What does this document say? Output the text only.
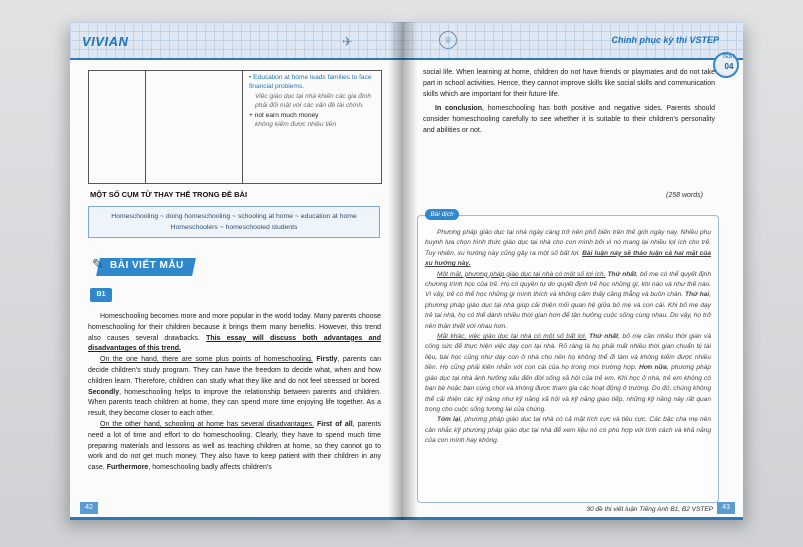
VIVIAN	✈
• Education at home leads families to face financial problems.
Việc giáo dục tại nhà khiến các gia đình phải đối mặt với các vấn đề tài chính.
+ not earn much money
không kiếm được nhiều tiền
MỘT SỐ CỤM TỪ THAY THẾ TRONG ĐỀ BÀI
Homeschooling ~ doing homeschooling ~ schooling at home ~ education at home
Homeschoolers ~ homeschooled students
✎ BÀI VIẾT MẪU
B1

Homeschooling becomes more and more popular in the world today. Many parents choose homeschooling for their children because it brings them many benefits. However, this trend also causes several drawbacks. This essay will discuss both advantages and disadvantages of this trend.

On the one hand, there are some plus points of homeschooling. Firstly, parents can decide children's study program. They can have the freedom to decide what, when and how children learn. Therefore, children can study what they like and do not feel stressed or bored. Secondly, homeschooling helps to improve the relationship between parents and children. When parents teach children at home, they can spend more time enjoying life together. As a result, they become closer to each other.

On the other hand, schooling at home has several disadvantages. First of all, parents need a lot of time and effort to do homeschooling. Clearly, they have to spend much time preparing materials and lessons as well as teaching children at home, so they cannot go to work and do not get much money. They also have to keep patient with their children in any case. Furthermore, homeschooling badly affects children's

42
♕	Chinh phục kỳ thi VSTEP
TEST
04

social life. When learning at home, children do not have friends or playmates and do not take part in school activities. Hence, they cannot improve skills like social skills and communication skills which are important for their future life.

In conclusion, homeschooling has both positive and negative sides. Parents should consider homeschooling carefully to see whether it is suitable to their children's personality and abilities or not.

(258 words)
Bài dịch

Phương pháp giáo dục tại nhà ngày càng trở nên phổ biến trên thế giới ngày nay. Nhiều phụ huynh lựa chọn hình thức giáo dục tại nhà cho con mình bởi vì nó mang lại nhiều lợi ích cho trẻ. Tuy nhiên, xu hướng này cũng gây ra một số bất lợi. Bài luận này sẽ thảo luận cả hai mặt của xu hướng này.

Một mặt, phương pháp giáo dục tại nhà có một số lợi ích. Thứ nhất, bố mẹ có thể quyết định chương trình học của trẻ. Họ có quyền tự do quyết định trẻ học những gì, khi nào và như thế nào. Vì vậy, trẻ có thể học những gì mình thích và không cảm thấy căng thẳng và buồn chán. Thứ hai, phương pháp giáo dục tại nhà giúp cải thiện mối quan hệ giữa bố mẹ và con cái. Khi bố mẹ dạy trẻ tại nhà, họ có thể dành nhiều thời gian hơn để tận hưởng cuộc sống cùng nhau. Do vậy, họ trở nên thân thiết với nhau hơn.

Mặt khác, việc giáo dục tại nhà có một số bất lợi. Thứ nhất, bố mẹ cần nhiều thời gian và công sức để thực hiện việc dạy con tại nhà. Rõ ràng là họ phải mất nhiều thời gian chuẩn bị tài liệu, bài học cũng như dạy con ở nhà cho nên họ không thể đi làm và không kiếm được nhiều tiền. Họ cũng phải kiên nhẫn với con cái của họ trong mọi trường hợp. Hơn nữa, phương pháp giáo dục tại nhà ảnh hưởng xấu đến đời sống xã hội của trẻ em. Khi học ở nhà, trẻ em không có bạn bè hoặc bạn cùng chơi và không được tham gia các hoạt động ở trường. Do đó, chúng không thể cải thiện các kỹ năng như kỹ năng xã hội và kỹ năng giao tiếp, những kỹ năng này rất quan trọng cho cuộc sống tương lai của chúng.

Tóm lại, phương pháp giáo dục tại nhà có cả mặt tích cực và tiêu cực. Các bậc cha mẹ nên cân nhắc kỹ phương pháp giáo dục tại nhà để xem liệu nó có phù hợp với tính cách và khả năng của con mình hay không.

30 đề thi viết luận Tiếng Anh B1, B2 VSTEP	43
